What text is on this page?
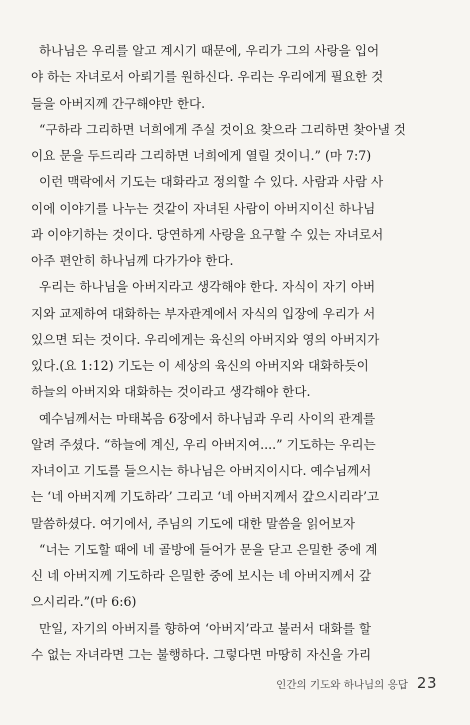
하나님은 우리를 알고 계시기 때문에, 우리가 그의 사랑을 입어
야 하는 자녀로서 아뢰기를 원하신다. 우리는 우리에게 필요한 것
들을 아버지께 간구해야만 한다.
“구하라 그리하면 너희에게 주실 것이요 찾으라 그리하면 찾아낼 것
이요 문을 두드리라 그리하면 너희에게 열릴 것이니.” (마 7:7)
이런 맥락에서 기도는 대화라고 정의할 수 있다. 사람과 사람 사
이에 이야기를 나누는 것같이 자녀된 사람이 아버지이신 하나님
과 이야기하는 것이다. 당연하게 사랑을 요구할 수 있는 자녀로서
아주 편안히 하나님께 다가가야 한다.
우리는 하나님을 아버지라고 생각해야 한다. 자식이 자기 아버
지와 교제하여 대화하는 부자관계에서 자식의 입장에 우리가 서
있으면 되는 것이다. 우리에게는 육신의 아버지와 영의 아버지가
있다.(요 1:12) 기도는 이 세상의 육신의 아버지와 대화하듯이
하늘의 아버지와 대화하는 것이라고 생각해야 한다.
예수님께서는 마태복음 6장에서 하나님과 우리 사이의 관계를
알려 주셨다. “하늘에 계신, 우리 아버지여....” 기도하는 우리는
자녀이고 기도를 들으시는 하나님은 아버지이시다. 예수님께서
는 ‘네 아버지께 기도하라’ 그리고 ‘네 아버지께서 갚으시리라’고
말씀하셨다. 여기에서, 주님의 기도에 대한 말씀을 읽어보자
“너는 기도할 때에 네 골방에 들어가 문을 닫고 은밀한 중에 계
신 네 아버지께 기도하라 은밀한 중에 보시는 네 아버지께서 갚
으시리라.”(마 6:6)
만일, 자기의 아버지를 향하여 ‘아버지’라고 불러서 대화를 할
수 없는 자녀라면 그는 불행하다. 그렇다면 마땅히 자신을 가리
인간의 기도와 하나님의 응답 23
